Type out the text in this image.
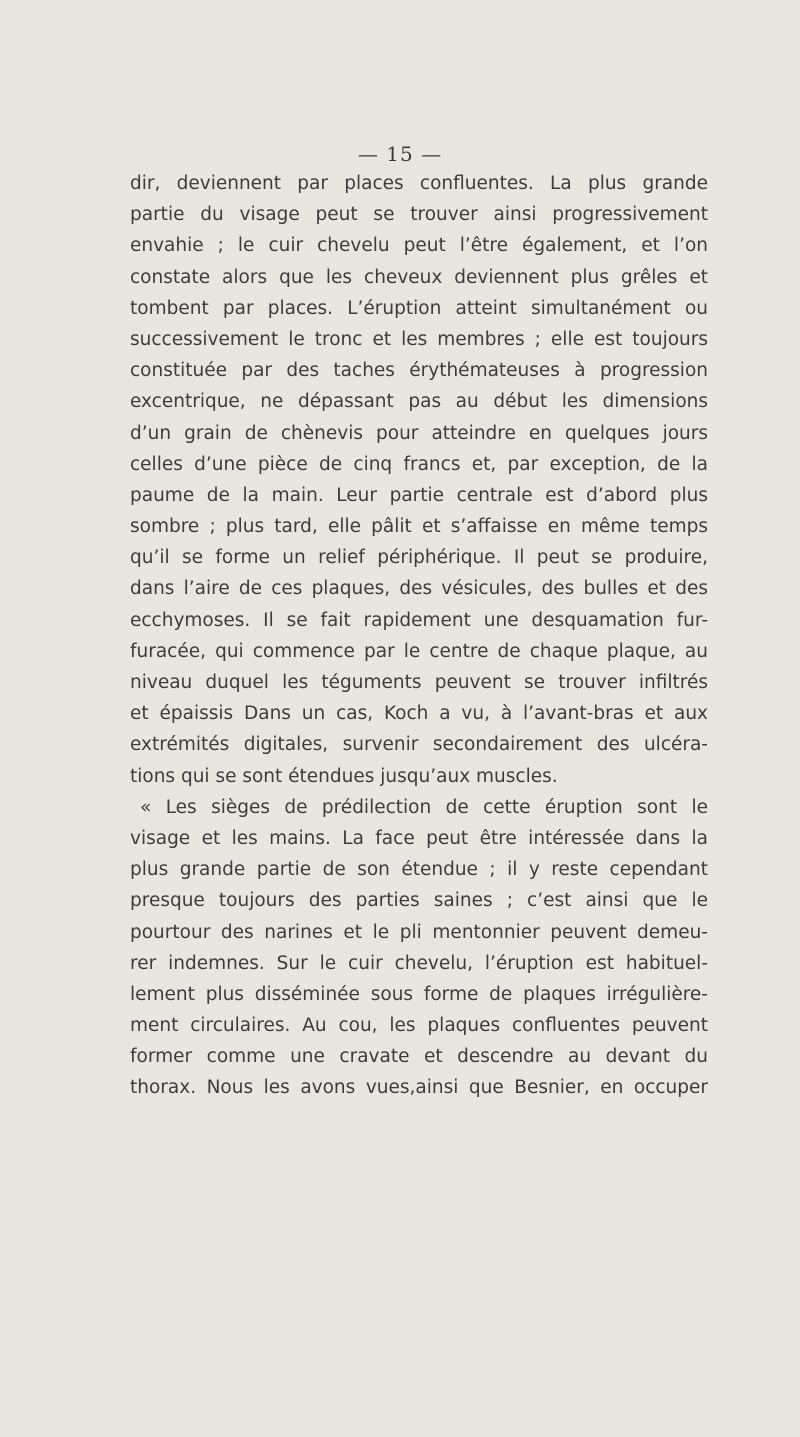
— 15 —
dir, deviennent par places confluentes. La plus grande
partie du visage peut se trouver ainsi progressivement
envahie ; le cuir chevelu peut l’être également, et l’on
constate alors que les cheveux deviennent plus grêles et
tombent par places. L’éruption atteint simultanément ou
successivement le tronc et les membres ; elle est toujours
constituée par des taches érythémateuses à progression
excentrique, ne dépassant pas au début les dimensions
d’un grain de chènevis pour atteindre en quelques jours
celles d’une pièce de cinq francs et, par exception, de la
paume de la main. Leur partie centrale est d’abord plus
sombre ; plus tard, elle pâlit et s’affaisse en même temps
qu’il se forme un relief périphérique. Il peut se produire,
dans l’aire de ces plaques, des vésicules, des bulles et des
ecchymoses. Il se fait rapidement une desquamation fur-
furacée, qui commence par le centre de chaque plaque, au
niveau duquel les téguments peuvent se trouver infiltrés
et épaissis Dans un cas, Koch a vu, à l’avant-bras et aux
extrémités digitales, survenir secondairement des ulcéra-
tions qui se sont étendues jusqu’aux muscles.
« Les sièges de prédilection de cette éruption sont le
visage et les mains. La face peut être intéressée dans la
plus grande partie de son étendue ; il y reste cependant
presque toujours des parties saines ; c’est ainsi que le
pourtour des narines et le pli mentonnier peuvent demeu-
rer indemnes. Sur le cuir chevelu, l’éruption est habituel-
lement plus disséminée sous forme de plaques irrégulière-
ment circulaires. Au cou, les plaques confluentes peuvent
former comme une cravate et descendre au devant du
thorax. Nous les avons vues,ainsi que Besnier, en occuper
